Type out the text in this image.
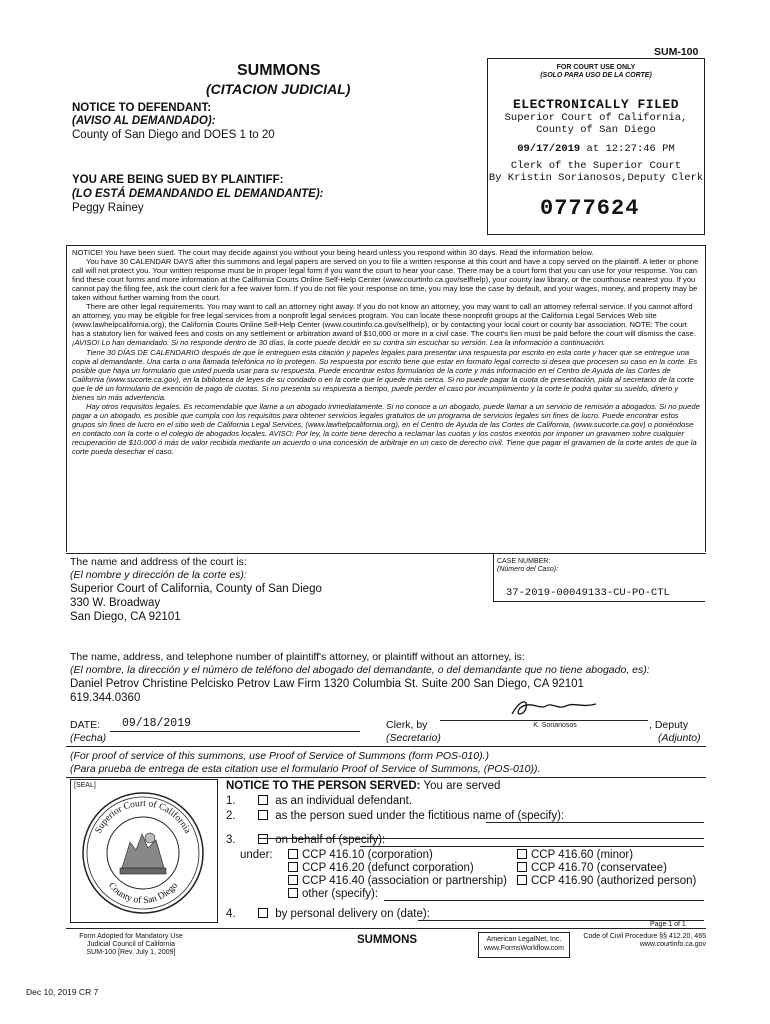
SUM-100
SUMMONS
(CITACION JUDICIAL)
NOTICE TO DEFENDANT:
(AVISO AL DEMANDADO):
County of San Diego and DOES 1 to 20
YOU ARE BEING SUED BY PLAINTIFF:
(LO ESTÁ DEMANDANDO EL DEMANDANTE):
Peggy Rainey
FOR COURT USE ONLY
(SOLO PARA USO DE LA CORTE)
ELECTRONICALLY FILED
Superior Court of California,
County of San Diego
09/17/2019 at 12:27:46 PM
Clerk of the Superior Court
By Kristin Sorianosos,Deputy Clerk
0777624

NOTICE! You have been sued. The court may decide against you without your being heard unless you respond within 30 days. Read the information below.

You have 30 CALENDAR DAYS after this summons and legal papers are served on you to file a written response at this court and have a copy served on the plaintiff. A letter or phone call will not protect you. Your written response must be in proper legal form if you want the court to hear your case. There may be a court form that you can use for your response. You can find these court forms and more information at the California Courts Online Self-Help Center (www.courtinfo.ca.gov/selfhelp), your county law library, or the courthouse nearest you. If you cannot pay the filing fee, ask the court clerk for a fee waiver form. If you do not file your response on time, you may lose the case by default, and your wages, money, and property may be taken without further warning from the court.

There are other legal requirements. You may want to call an attorney right away. If you do not know an attorney, you may want to call an attorney referral service. If you cannot afford an attorney, you may be eligible for free legal services from a nonprofit legal services program. You can locate these nonprofit groups at the California Legal Services Web site (www.lawhelpcalifornia.org), the California Courts Online Self-Help Center (www.courtinfo.ca.gov/selfhelp), or by contacting your local court or county bar association. NOTE: The court has a statutory lien for waived fees and costs on any settlement or arbitration award of $10,000 or more in a civil case. The court's lien must be paid before the court will dismiss the case.

¡AVISO! Lo han demandado. Si no responde dentro de 30 días, la corte puede decidir en su contra sin escuchar su versión. Lea la información a continuación.

Tiene 30 DÍAS DE CALENDARIO después de que le entreguen esta citación y papeles legales para presentar una respuesta por escrito en esta corte y hacer que se entregue una copia al demandante. Una carta o una llamada telefónica no lo protegen. Su respuesta por escrito tiene que estar en formato legal correcto si desea que procesen su caso en la corte. Es posible que haya un formulario que usted pueda usar para su respuesta. Puede encontrar estos formularios de la corte y más información en el Centro de Ayuda de las Cortes de California (www.sucorte.ca.gov), en la biblioteca de leyes de su condado o en la corte que le quede más cerca. Si no puede pagar la cuota de presentación, pida al secretario de la corte que le dé un formulario de exención de pago de cuotas. Si no presenta su respuesta a tiempo, puede perder el caso por incumplimiento y la corte le podrá quitar su sueldo, dinero y bienes sin más advertencia.

Hay otros requisitos legales. Es recomendable que llame a un abogado inmediatamente. Si no conoce a un abogado, puede llamar a un servicio de remisión a abogados. Si no puede pagar a un abogado, es posible que cumpla con los requisitos para obtener servicios legales gratuitos de un programa de servicios legales sin fines de lucro. Puede encontrar estos grupos sin fines de lucro en el sitio web de California Legal Services, (www.lawhelpcalifornia.org), en el Centro de Ayuda de las Cortes de California, (www.sucorte.ca.gov) o poniéndose en contacto con la corte o el colegio de abogados locales. AVISO: Por ley, la corte tiene derecho a reclamar las cuotas y los costos exentos por imponer un gravamen sobre cualquier recuperación de $10,000 ó más de valor recibida mediante un acuerdo o una concesión de arbitraje en un caso de derecho civil. Tiene que pagar el gravamen de la corte antes de que la corte pueda desechar el caso.

The name and address of the court is:
(El nombre y dirección de la corte es):
Superior Court of California, County of San Diego
330 W. Broadway
San Diego, CA 92101
CASE NUMBER:
(Número del Caso):
37-2019-00049133-CU-PO-CTL
The name, address, and telephone number of plaintiff's attorney, or plaintiff without an attorney, is:
(El nombre, la dirección y el número de teléfono del abogado del demandante, o del demandante que no tiene abogado, es):
Daniel Petrov Christine Pelcisko Petrov Law Firm 1320 Columbia St. Suite 200 San Diego, CA 92101
619.344.0360
DATE:
(Fecha)
09/18/2019	Clerk, by
(Secretario)
K. Sorianosos	, Deputy
(Adjunto)
(For proof of service of this summons, use Proof of Service of Summons (form POS-010).)
(Para prueba de entrega de esta citation use el formulario Proof of Service of Summons, (POS-010)).
[SEAL]
Superior Court of California
County of San Diego
NOTICE TO THE PERSON SERVED: You are served
1.	as an individual defendant.
2.	as the person sued under the fictitious name of (specify):
3.	on behalf of (specify):
under:	CCP 416.10 (corporation)
CCP 416.20 (defunct corporation)
CCP 416.40 (association or partnership)
other (specify):
CCP 416.60 (minor)
CCP 416.70 (conservatee)
CCP 416.90 (authorized person)
4.	by personal delivery on (date):
Page 1 of 1
Form Adopted for Mandatory Use
Judicial Council of California
SUM-100 [Rev. July 1, 2009]
SUMMONS	American LegalNet, Inc.
www.FormsWorkflow.com
Code of Civil Procedure §§ 412.20, 465
www.courtinfo.ca.gov
Dec 10, 2019 CR 7
